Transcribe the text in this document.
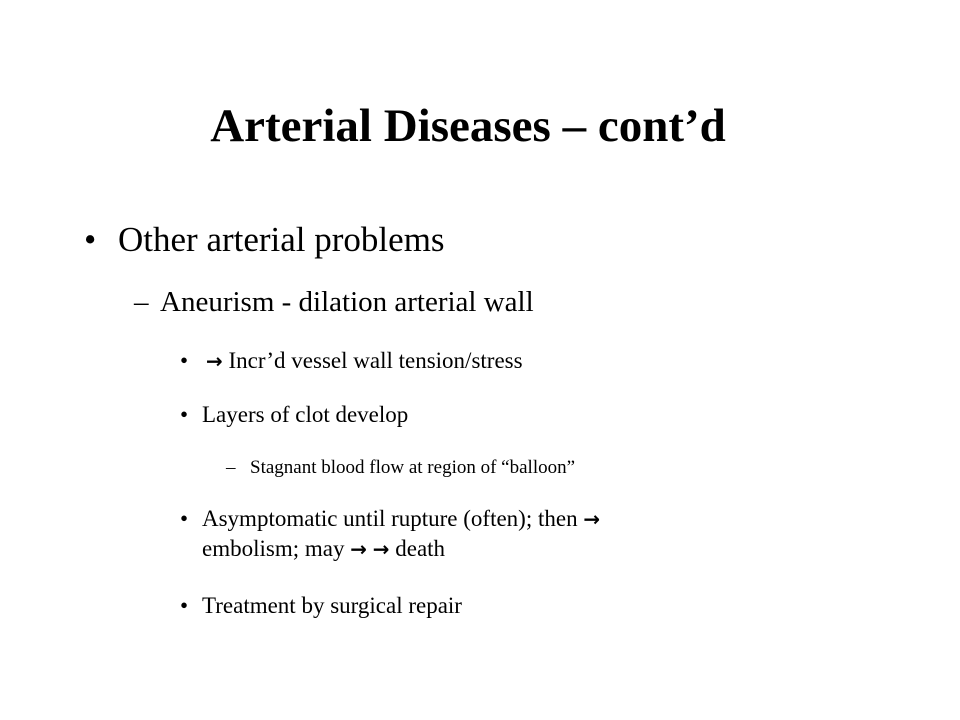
Arterial Diseases – cont’d
• Other arterial problems
– Aneurism - dilation arterial wall
• → Incr’d vessel wall tension/stress
• Layers of clot develop
– Stagnant blood flow at region of “balloon”
• Asymptomatic until rupture (often); then →
embolism; may → → death
• Treatment by surgical repair
